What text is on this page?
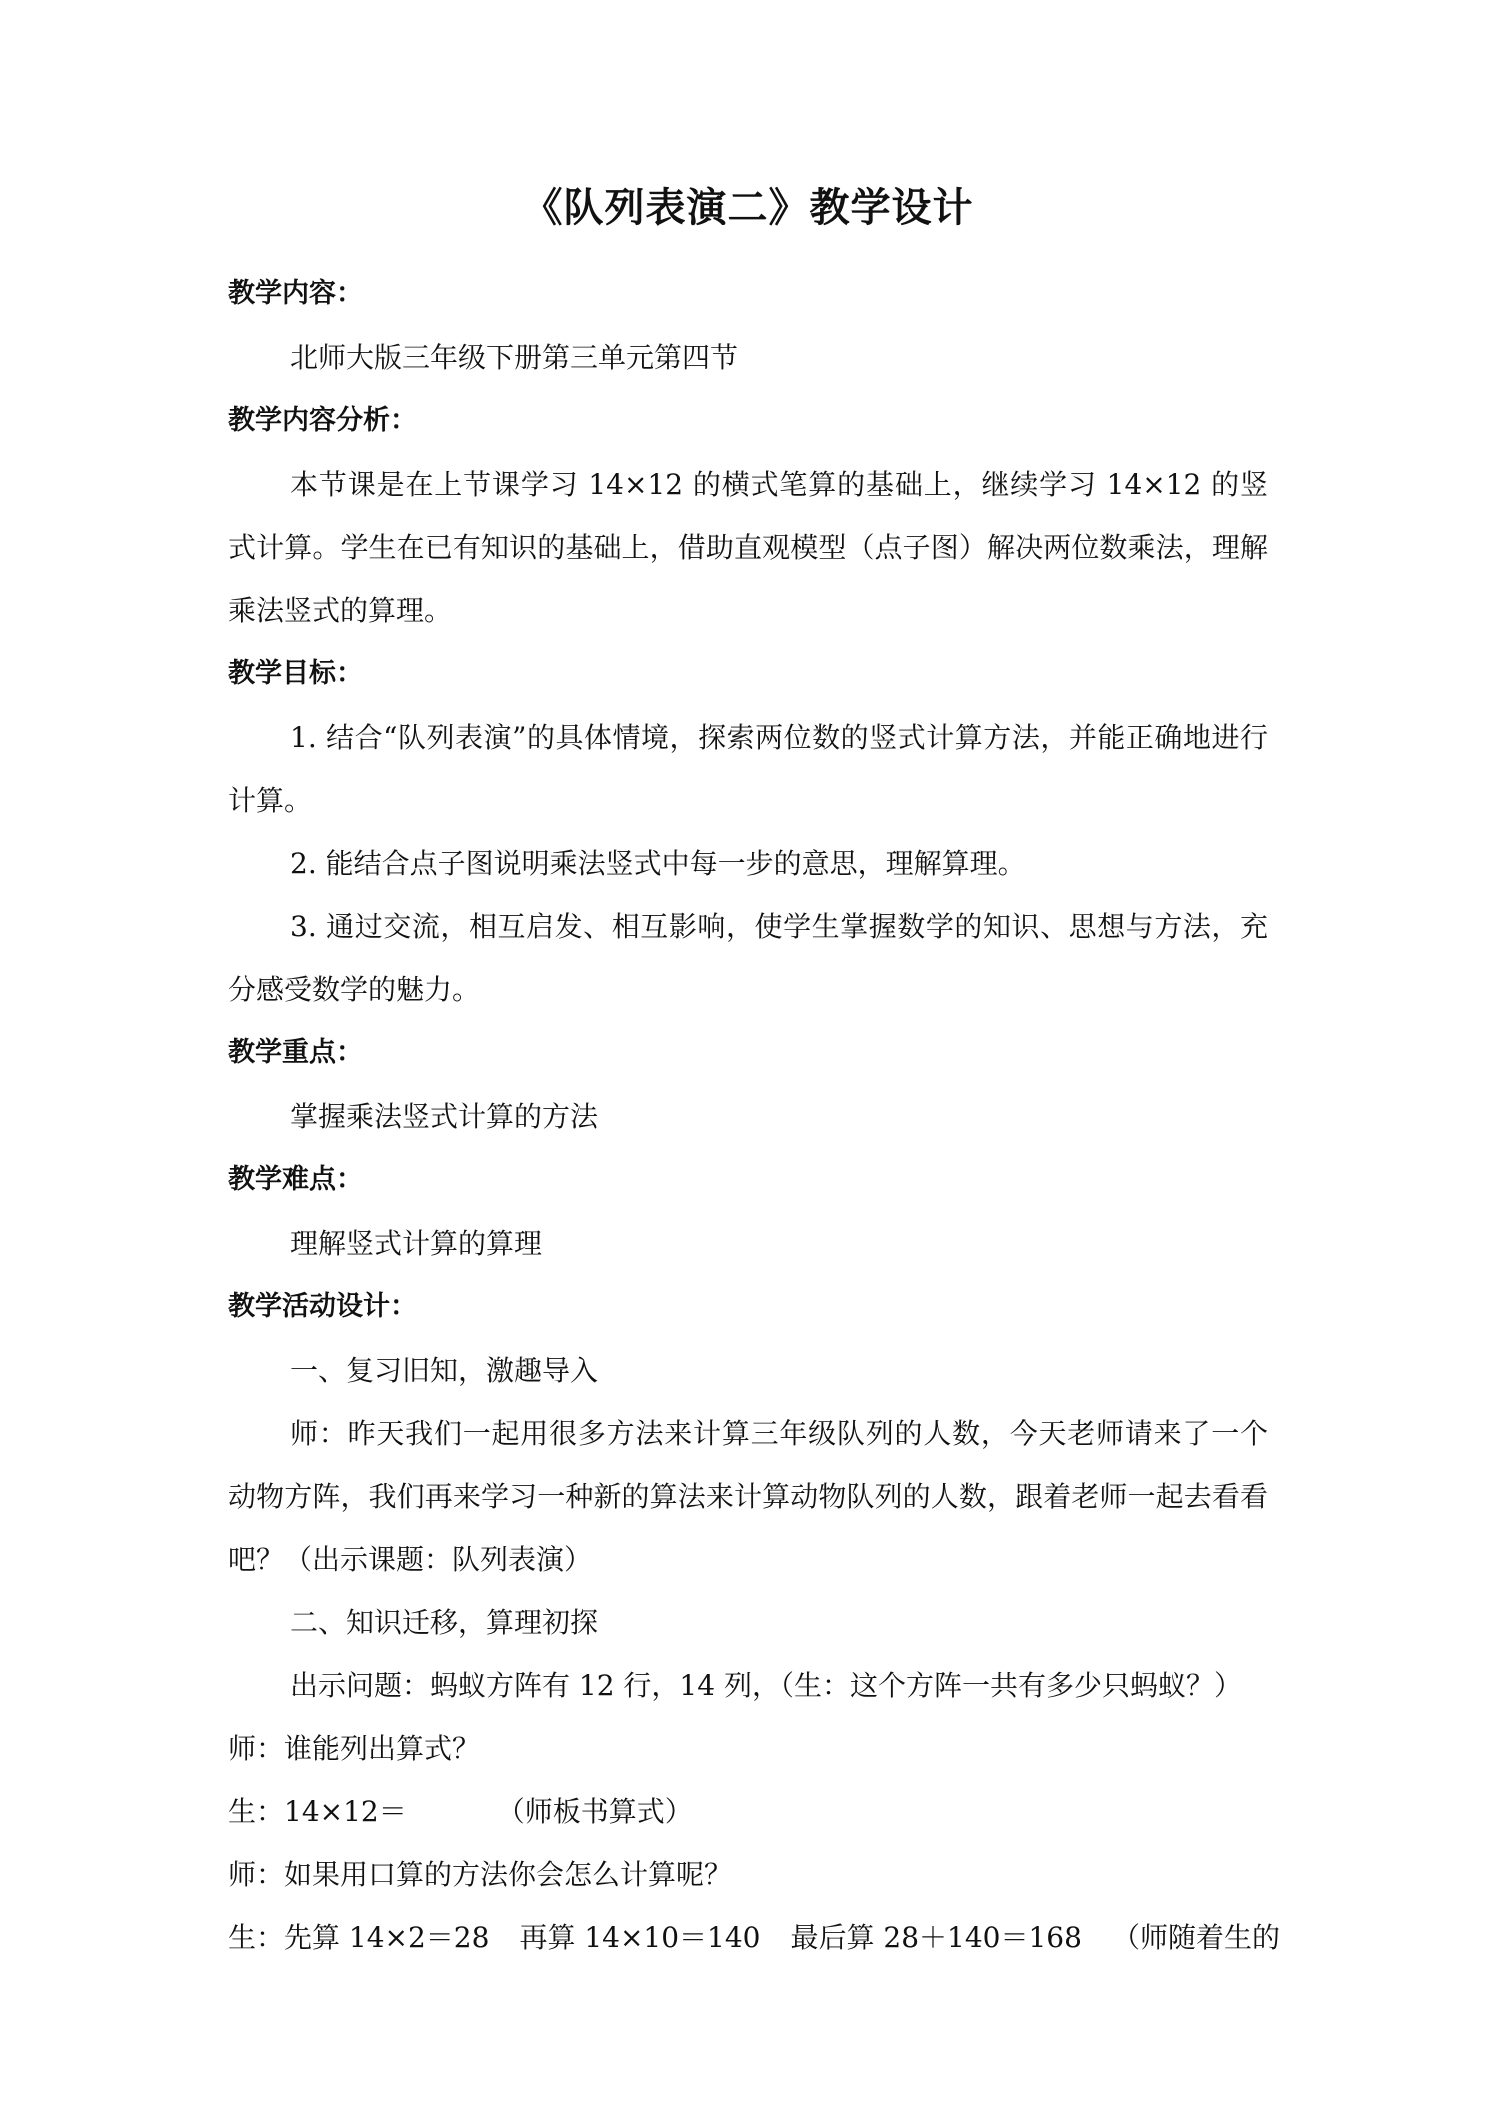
《队列表演二》教学设计

教学内容：

北师大版三年级下册第三单元第四节

教学内容分析：

本节课是在上节课学习 14×12 的横式笔算的基础上，继续学习 14×12 的竖式计算。学生在已有知识的基础上，借助直观模型（点子图）解决两位数乘法，理解乘法竖式的算理。

教学目标：

1. 结合“队列表演”的具体情境，探索两位数的竖式计算方法，并能正确地进行计算。

2. 能结合点子图说明乘法竖式中每一步的意思，理解算理。

3. 通过交流，相互启发、相互影响，使学生掌握数学的知识、思想与方法，充分感受数学的魅力。

教学重点：

掌握乘法竖式计算的方法

教学难点：

理解竖式计算的算理

教学活动设计：

一、复习旧知，激趣导入

师：昨天我们一起用很多方法来计算三年级队列的人数，今天老师请来了一个动物方阵，我们再来学习一种新的算法来计算动物队列的人数，跟着老师一起去看看吧？（出示课题：队列表演）

二、知识迁移，算理初探

出示问题：蚂蚁方阵有 12 行，14 列，（生：这个方阵一共有多少只蚂蚁？）

师：谁能列出算式？

生：14×12＝	（师板书算式）

师：如果用口算的方法你会怎么计算呢？

生：先算 14×2＝28 再算 14×10＝140 最后算 28＋140＝168 （师随着生的
